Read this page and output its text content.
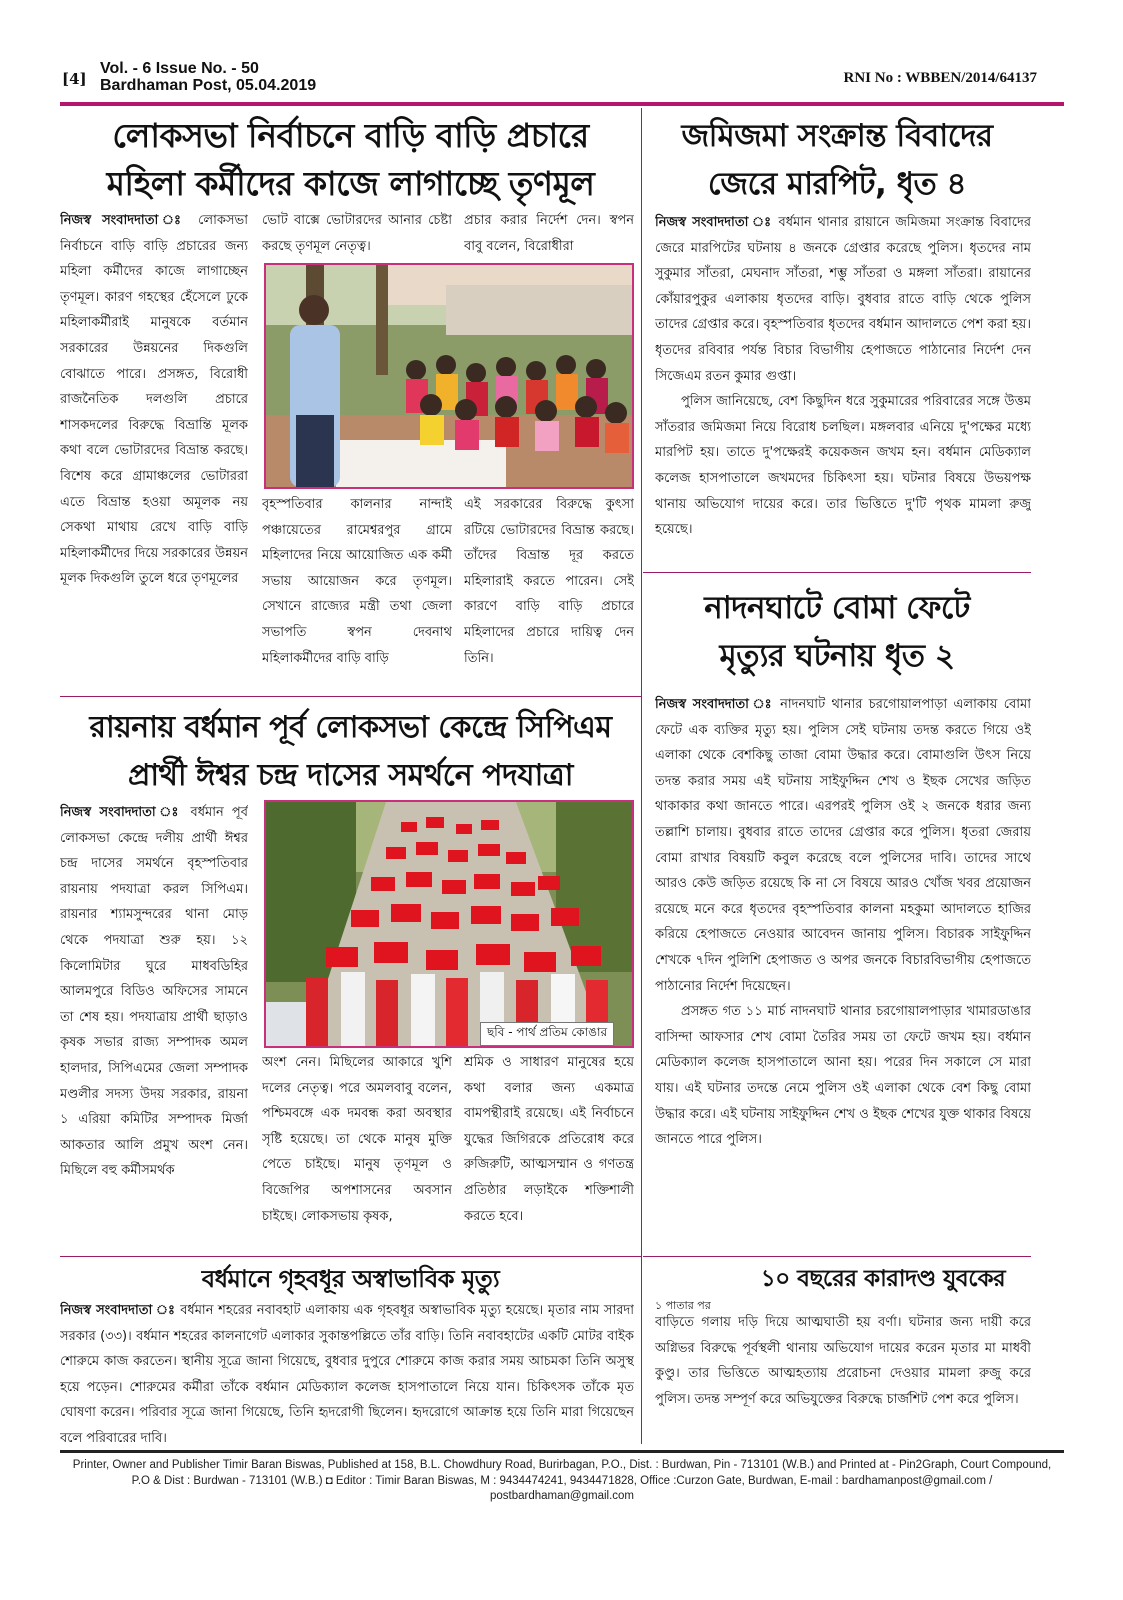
[4]
Vol. - 6 Issue No. - 50
Bardhaman Post, 05.04.2019	RNI No : WBBEN/2014/64137
লোকসভা নির্বাচনে বাড়ি বাড়ি প্রচারে
মহিলা কর্মীদের কাজে লাগাচ্ছে তৃণমূল
নিজস্ব সংবাদদাতা ঃ লোকসভা নির্বাচনে বাড়ি বাড়ি প্রচারের জন্য মহিলা কর্মীদের কাজে লাগাচ্ছেন তৃণমূল। কারণ গহস্থের হেঁসেলে ঢুকে মহিলাকর্মীরাই মানুষকে বর্তমান সরকারের উন্নয়নের দিকগুলি বোঝাতে পারে। প্রসঙ্গত, বিরোধী রাজনৈতিক দলগুলি প্রচারে শাসকদলের বিরুদ্ধে বিভ্রান্তি মূলক কথা বলে ভোটারদের বিভ্রান্ত করছে। বিশেষ করে গ্রামাঞ্চলের ভোটাররা এতে বিভ্রান্ত হওয়া অমূলক নয় সেকথা মাথায় রেখে বাড়ি বাড়ি মহিলাকর্মীদের দিয়ে সরকারের উন্নয়ন মূলক দিকগুলি তুলে ধরে তৃণমূলের
ভোট বাক্সে ভোটারদের আনার চেষ্টা করছে তৃণমূল নেতৃত্ব।
প্রচার করার নির্দেশ দেন। স্বপন বাবু বলেন, বিরোধীরা
বৃহস্পতিবার কালনার নান্দাই পঞ্চায়েতের রামেশ্বরপুর গ্রামে মহিলাদের নিয়ে আয়োজিত এক কর্মী সভায় আয়োজন করে তৃণমূল। সেখানে রাজ্যের মন্ত্রী তথা জেলা সভাপতি স্বপন দেবনাথ মহিলাকর্মীদের বাড়ি বাড়ি
এই সরকারের বিরুদ্ধে কুৎসা রটিয়ে ভোটারদের বিভ্রান্ত করছে। তাঁদের বিভ্রান্ত দূর করতে মহিলারাই করতে পারেন। সেই কারণে বাড়ি বাড়ি প্রচারে মহিলাদের প্রচারে দায়িত্ব দেন তিনি।
জমিজমা সংক্রান্ত বিবাদের
জেরে মারপিট, ধৃত ৪
নিজস্ব সংবাদদাতা ঃ বর্ধমান থানার রায়ানে জমিজমা সংক্রান্ত বিবাদের জেরে মারপিটের ঘটনায় ৪ জনকে গ্রেপ্তার করেছে পুলিস। ধৃতদের নাম সুকুমার সাঁতরা, মেঘনাদ সাঁতরা, শম্ভু সাঁতরা ও মঙ্গলা সাঁতরা। রায়ানের কোঁয়ারপুকুর এলাকায় ধৃতদের বাড়ি। বুধবার রাতে বাড়ি থেকে পুলিস তাদের গ্রেপ্তার করে। বৃহস্পতিবার ধৃতদের বর্ধমান আদালতে পেশ করা হয়। ধৃতদের রবিবার পর্যন্ত বিচার বিভাগীয় হেপাজতে পাঠানোর নির্দেশ দেন সিজেএম রতন কুমার গুপ্তা।
পুলিস জানিয়েছে, বেশ কিছুদিন ধরে সুকুমারের পরিবারের সঙ্গে উত্তম সাঁতরার জমিজমা নিয়ে বিরোধ চলছিল। মঙ্গলবার এনিয়ে দু'পক্ষের মধ্যে মারপিট হয়। তাতে দু'পক্ষেরই কয়েকজন জখম হন। বর্ধমান মেডিক্যাল কলেজ হাসপাতালে জখমদের চিকিৎসা হয়। ঘটনার বিষয়ে উভয়পক্ষ থানায় অভিযোগ দায়ের করে। তার ভিত্তিতে দু'টি পৃথক মামলা রুজু হয়েছে।
নাদনঘাটে বোমা ফেটে
মৃত্যুর ঘটনায় ধৃত ২
নিজস্ব সংবাদদাতা ঃ নাদনঘাট থানার চরগোয়ালপাড়া এলাকায় বোমা ফেটে এক ব্যক্তির মৃত্যু হয়। পুলিস সেই ঘটনায় তদন্ত করতে গিয়ে ওই এলাকা থেকে বেশকিছু তাজা বোমা উদ্ধার করে। বোমাগুলি উৎস নিয়ে তদন্ত করার সময় এই ঘটনায় সাইফুদ্দিন শেখ ও ইছক সেখের জড়িত থাকাকার কথা জানতে পারে। এরপরই পুলিস ওই ২ জনকে ধরার জন্য তল্লাশি চালায়। বুধবার রাতে তাদের গ্রেপ্তার করে পুলিস। ধৃতরা জেরায় বোমা রাখার বিষয়টি কবুল করেছে বলে পুলিসের দাবি। তাদের সাথে আরও কেউ জড়িত রয়েছে কি না সে বিষয়ে আরও খোঁজ খবর প্রয়োজন রয়েছে মনে করে ধৃতদের বৃহস্পতিবার কালনা মহকুমা আদালতে হাজির করিয়ে হেপাজতে নেওয়ার আবেদন জানায় পুলিস। বিচারক সাইফুদ্দিন শেখকে ৭দিন পুলিশি হেপাজত ও অপর জনকে বিচারবিভাগীয় হেপাজতে পাঠানোর নির্দেশ দিয়েছেন।
প্রসঙ্গত গত ১১ মার্চ নাদনঘাট থানার চরগোয়ালপাড়ার খামারডাঙার বাসিন্দা আফসার শেখ বোমা তৈরির সময় তা ফেটে জখম হয়। বর্ধমান মেডিক্যাল কলেজ হাসপাতালে আনা হয়। পরের দিন সকালে সে মারা যায়। এই ঘটনার তদন্তে নেমে পুলিস ওই এলাকা থেকে বেশ কিছু বোমা উদ্ধার করে। এই ঘটনায় সাইফুদ্দিন শেখ ও ইছক শেখের যুক্ত থাকার বিষয়ে জানতে পারে পুলিস।
রায়নায় বর্ধমান পূর্ব লোকসভা কেন্দ্রে সিপিএম
প্রার্থী ঈশ্বর চন্দ্র দাসের সমর্থনে পদযাত্রা
নিজস্ব সংবাদদাতা ঃ বর্ধমান পূর্ব লোকসভা কেন্দ্রে দলীয় প্রার্থী ঈশ্বর চন্দ্র দাসের সমর্থনে বৃহস্পতিবার রায়নায় পদযাত্রা করল সিপিএম। রায়নার শ্যামসুন্দরের থানা মোড় থেকে পদযাত্রা শুরু হয়। ১২ কিলোমিটার ঘুরে মাধবডিহির আলমপুরে বিডিও অফিসের সামনে তা শেষ হয়। পদযাত্রায় প্রার্থী ছাড়াও কৃষক সভার রাজ্য সম্পাদক অমল হালদার, সিপিএমের জেলা সম্পাদক মণ্ডলীর সদস্য উদয় সরকার, রায়না ১ এরিয়া কমিটির সম্পাদক মির্জা আকতার আলি প্রমুখ অংশ নেন। মিছিলে বহু কর্মীসমর্থক
ছবি - পার্থ প্রতিম কোঙার
অংশ নেন। মিছিলের আকারে খুশি দলের নেতৃত্ব। পরে অমলবাবু বলেন, পশ্চিমবঙ্গে এক দমবন্ধ করা অবস্থার সৃষ্টি হয়েছে। তা থেকে মানুষ মুক্তি পেতে চাইছে। মানুষ তৃণমূল ও বিজেপির অপশাসনের অবসান চাইছে। লোকসভায় কৃষক,
শ্রমিক ও সাধারণ মানুষের হয়ে কথা বলার জন্য একমাত্র বামপন্থীরাই রয়েছে। এই নির্বাচনে যুদ্ধের জিগিরকে প্রতিরোধ করে রুজিরুটি, আত্মসম্মান ও গণতন্ত্র প্রতিষ্ঠার লড়াইকে শক্তিশালী করতে হবে।
বর্ধমানে গৃহবধূর অস্বাভাবিক মৃত্যু
নিজস্ব সংবাদদাতা ঃ বর্ধমান শহরের নবাবহাট এলাকায় এক গৃহবধূর অস্বাভাবিক মৃত্যু হয়েছে। মৃতার নাম সারদা সরকার (৩৩)। বর্ধমান শহরের কালনাগেট এলাকার সুকান্তপল্লিতে তাঁর বাড়ি। তিনি নবাবহাটের একটি মোটর বাইক শোরুমে কাজ করতেন। স্থানীয় সূত্রে জানা গিয়েছে, বুধবার দুপুরে শোরুমে কাজ করার সময় আচমকা তিনি অসুস্থ হয়ে পড়েন। শোরুমের কর্মীরা তাঁকে বর্ধমান মেডিক্যাল কলেজ হাসপাতালে নিয়ে যান। চিকিৎসক তাঁকে মৃত ঘোষণা করেন। পরিবার সূত্রে জানা গিয়েছে, তিনি হৃদরোগী ছিলেন। হৃদরোগে আক্রান্ত হয়ে তিনি মারা গিয়েছেন বলে পরিবারের দাবি।
১ পাতার পর
১০ বছরের কারাদণ্ড যুবকের
বাড়িতে গলায় দড়ি দিয়ে আত্মঘাতী হয় বর্ণা। ঘটনার জন্য দায়ী করে অগ্নিভর বিরুদ্ধে পূর্বস্থলী থানায় অভিযোগ দায়ের করেন মৃতার মা মাধবী কুণ্ডু। তার ভিত্তিতে আত্মহত্যায় প্ররোচনা দেওয়ার মামলা রুজু করে পুলিস। তদন্ত সম্পূর্ণ করে অভিযুক্তের বিরুদ্ধে চার্জশিট পেশ করে পুলিস।
Printer, Owner and Publisher Timir Baran Biswas, Published at 158, B.L. Chowdhury Road, Burirbagan, P.O., Dist. : Burdwan, Pin - 713101 (W.B.) and Printed at - Pin2Graph, Court Compound,
P.O & Dist : Burdwan - 713101 (W.B.) ◘ Editor : Timir Baran Biswas, M : 9434474241, 9434471828, Office :Curzon Gate, Burdwan, E-mail : bardhamanpost@gmail.com / postbardhaman@gmail.com
